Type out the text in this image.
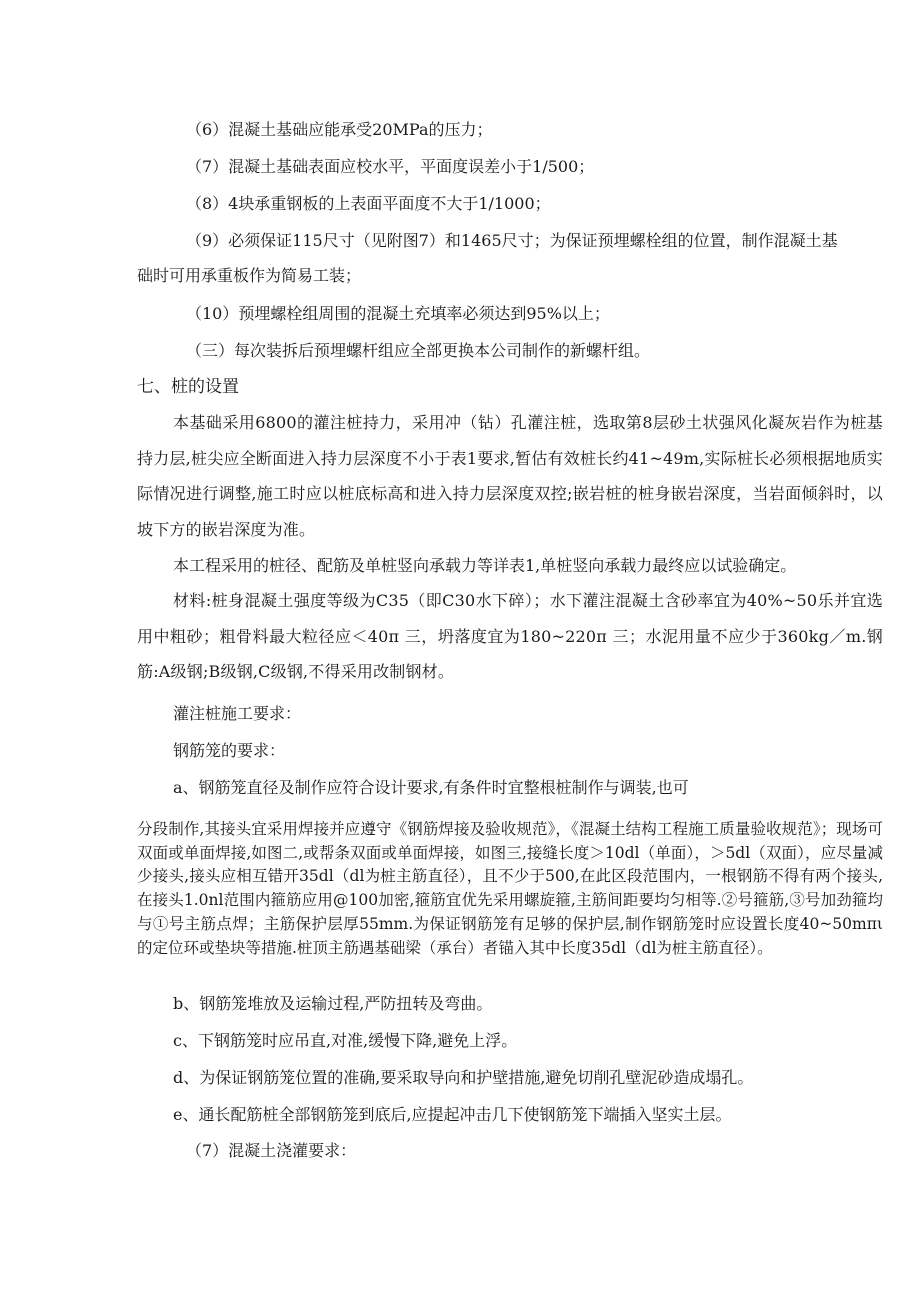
（6）混凝土基础应能承受20MPa的压力；
（7）混凝土基础表面应校水平，平面度误差小于1/500；
（8）4块承重钢板的上表面平面度不大于1/1000；
（9）必须保证115尺寸（见附图7）和1465尺寸；为保证预埋螺栓组的位置，制作混凝土基
础时可用承重板作为简易工装；
（10）预埋螺栓组周围的混凝土充填率必须达到95%以上；
（三）每次装拆后预埋螺杆组应全部更换本公司制作的新螺杆组。
七、桩的设置
本基础采用6800的灌注桩持力，采用冲（钻）孔灌注桩，选取第8层砂土状强风化凝灰岩作为桩基持力层,桩尖应全断面进入持力层深度不小于表1要求,暂估有效桩长约41~49m,实际桩长必须根据地质实际情况进行调整,施工时应以桩底标高和进入持力层深度双控;嵌岩桩的桩身嵌岩深度，当岩面倾斜时，以坡下方的嵌岩深度为准。
本工程采用的桩径、配筋及单桩竖向承载力等详表1,单桩竖向承载力最终应以试验确定。
材料:桩身混凝土强度等级为C35（即C30水下碎）；水下灌注混凝土含砂率宜为40%~50乐并宜选用中粗砂；粗骨料最大粒径应＜40π 三，坍落度宜为180~220π 三；水泥用量不应少于360kg／m.钢筋:A级钢;B级钢,C级钢,不得采用改制钢材。
灌注桩施工要求：
钢筋笼的要求：
a、钢筋笼直径及制作应符合设计要求,有条件时宜整根桩制作与调装,也可
分段制作,其接头宜采用焊接并应遵守《钢筋焊接及验收规范》，《混凝土结构工程施工质量验收规范》；现场可双面或单面焊接,如图二,或帮条双面或单面焊接，如图三,接缝长度＞10dl（单面），＞5dl（双面），应尽量减少接头,接头应相互错开35dl（dl为桩主筋直径），且不少于500,在此区段范围内，一根钢筋不得有两个接头,在接头1.0nl范围内箍筋应用@100加密,箍筋宜优先采用螺旋箍,主筋间距要均匀相等.②号箍筋,③号加劲箍均与①号主筋点焊；主筋保护层厚55mm.为保证钢筋笼有足够的保护层,制作钢筋笼时应设置长度40~50mπι 的定位环或垫块等措施.桩顶主筋遇基础梁（承台）者锚入其中长度35dl（dl为桩主筋直径）。
b、钢筋笼堆放及运输过程,严防扭转及弯曲。
c、下钢筋笼时应吊直,对准,缓慢下降,避免上浮。
d、为保证钢筋笼位置的准确,要采取导向和护壁措施,避免切削孔壁泥砂造成塌孔。
e、通长配筋桩全部钢筋笼到底后,应提起冲击几下使钢筋笼下端插入坚实土层。
（7）混凝土浇灌要求：
